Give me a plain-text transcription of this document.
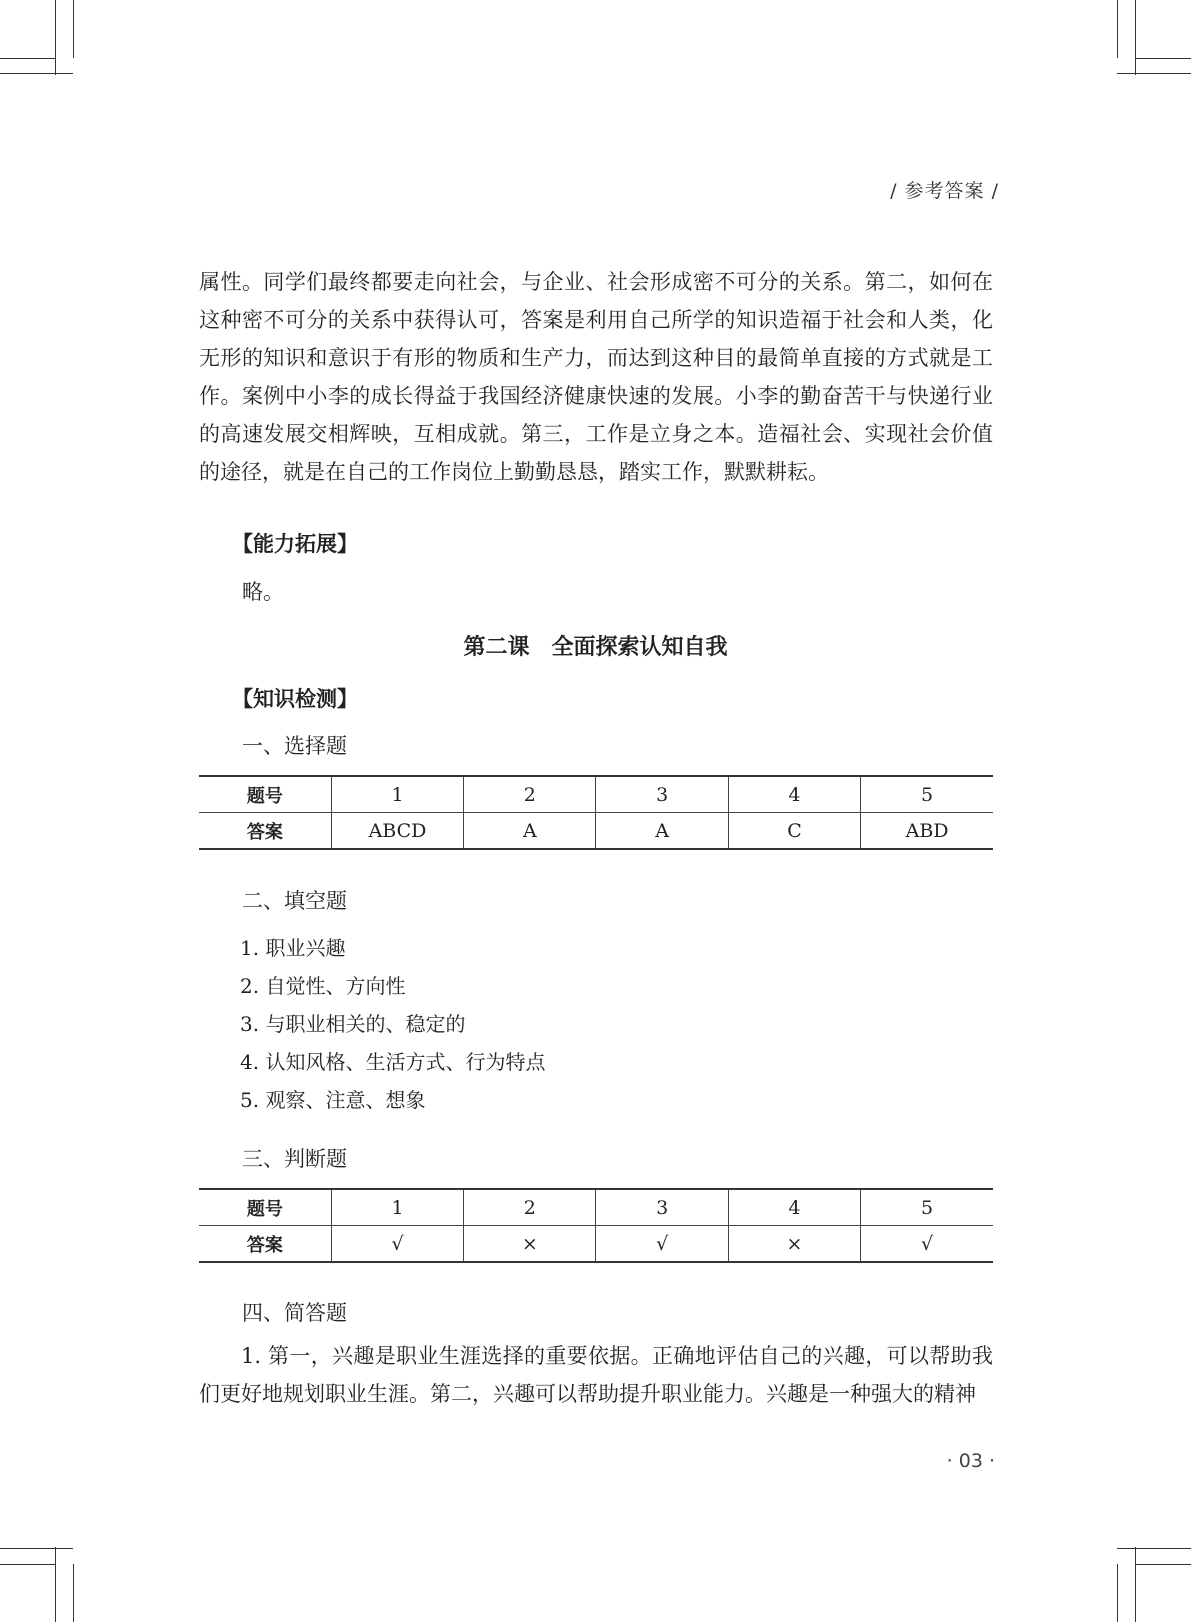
/ 参考答案 /

属性。同学们最终都要走向社会，与企业、社会形成密不可分的关系。第二，如何在这种密不可分的关系中获得认可，答案是利用自己所学的知识造福于社会和人类，化无形的知识和意识于有形的物质和生产力，而达到这种目的最简单直接的方式就是工作。案例中小李的成长得益于我国经济健康快速的发展。小李的勤奋苦干与快递行业的高速发展交相辉映，互相成就。第三，工作是立身之本。造福社会、实现社会价值的途径，就是在自己的工作岗位上勤勤恳恳，踏实工作，默默耕耘。

【能力拓展】
略。
第二课　全面探索认知自我
【知识检测】
一、选择题
题号	1	2	3	4	5
答案	ABCD	A	A	C	ABD
二、填空题
1. 职业兴趣
2. 自觉性、方向性
3. 与职业相关的、稳定的
4. 认知风格、生活方式、行为特点
5. 观察、注意、想象
三、判断题
题号	1	2	3	4	5
答案	√	×	√	×	√
四、简答题

1. 第一，兴趣是职业生涯选择的重要依据。正确地评估自己的兴趣，可以帮助我们更好地规划职业生涯。第二，兴趣可以帮助提升职业能力。兴趣是一种强大的精神

· 03 ·
